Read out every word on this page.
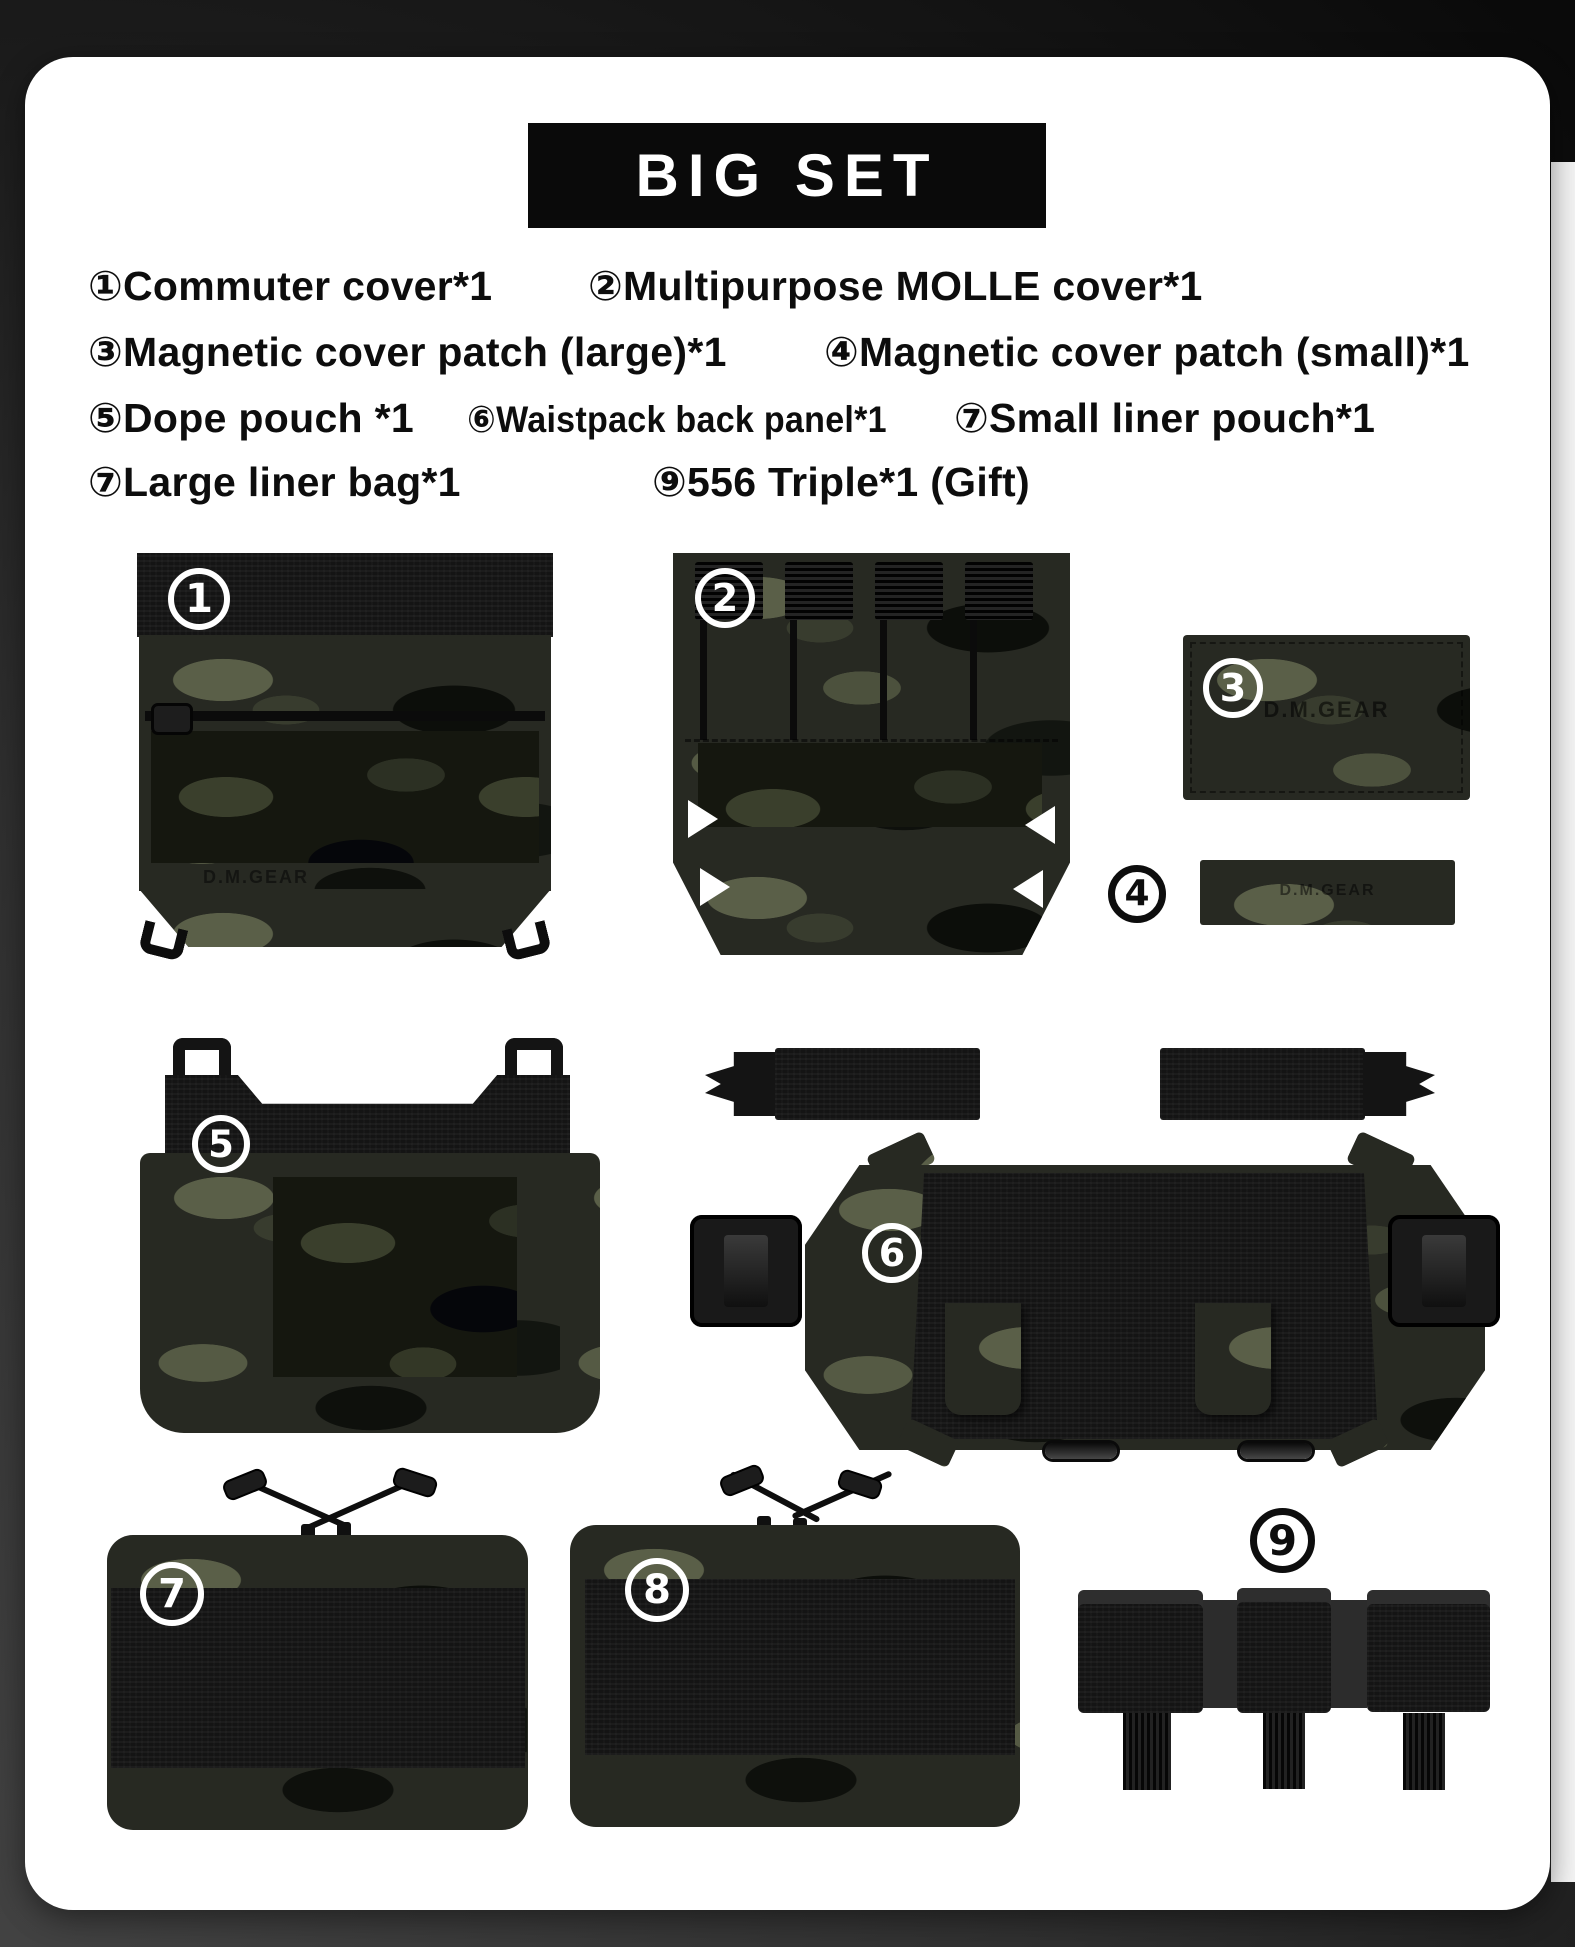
BIG SET
①Commuter cover*1 ②Multipurpose MOLLE cover*1
③Magnetic cover patch (large)*1 ④Magnetic cover patch (small)*1
⑤Dope pouch *1 ⑥Waistpack back panel*1 ⑦Small liner pouch*1
⑦Large liner bag*1	⑨556 Triple*1 (Gift)
D.M.GEAR
1	2
D.M.GEAR
3
4	D.M.GEAR
5
6
7	8
9
